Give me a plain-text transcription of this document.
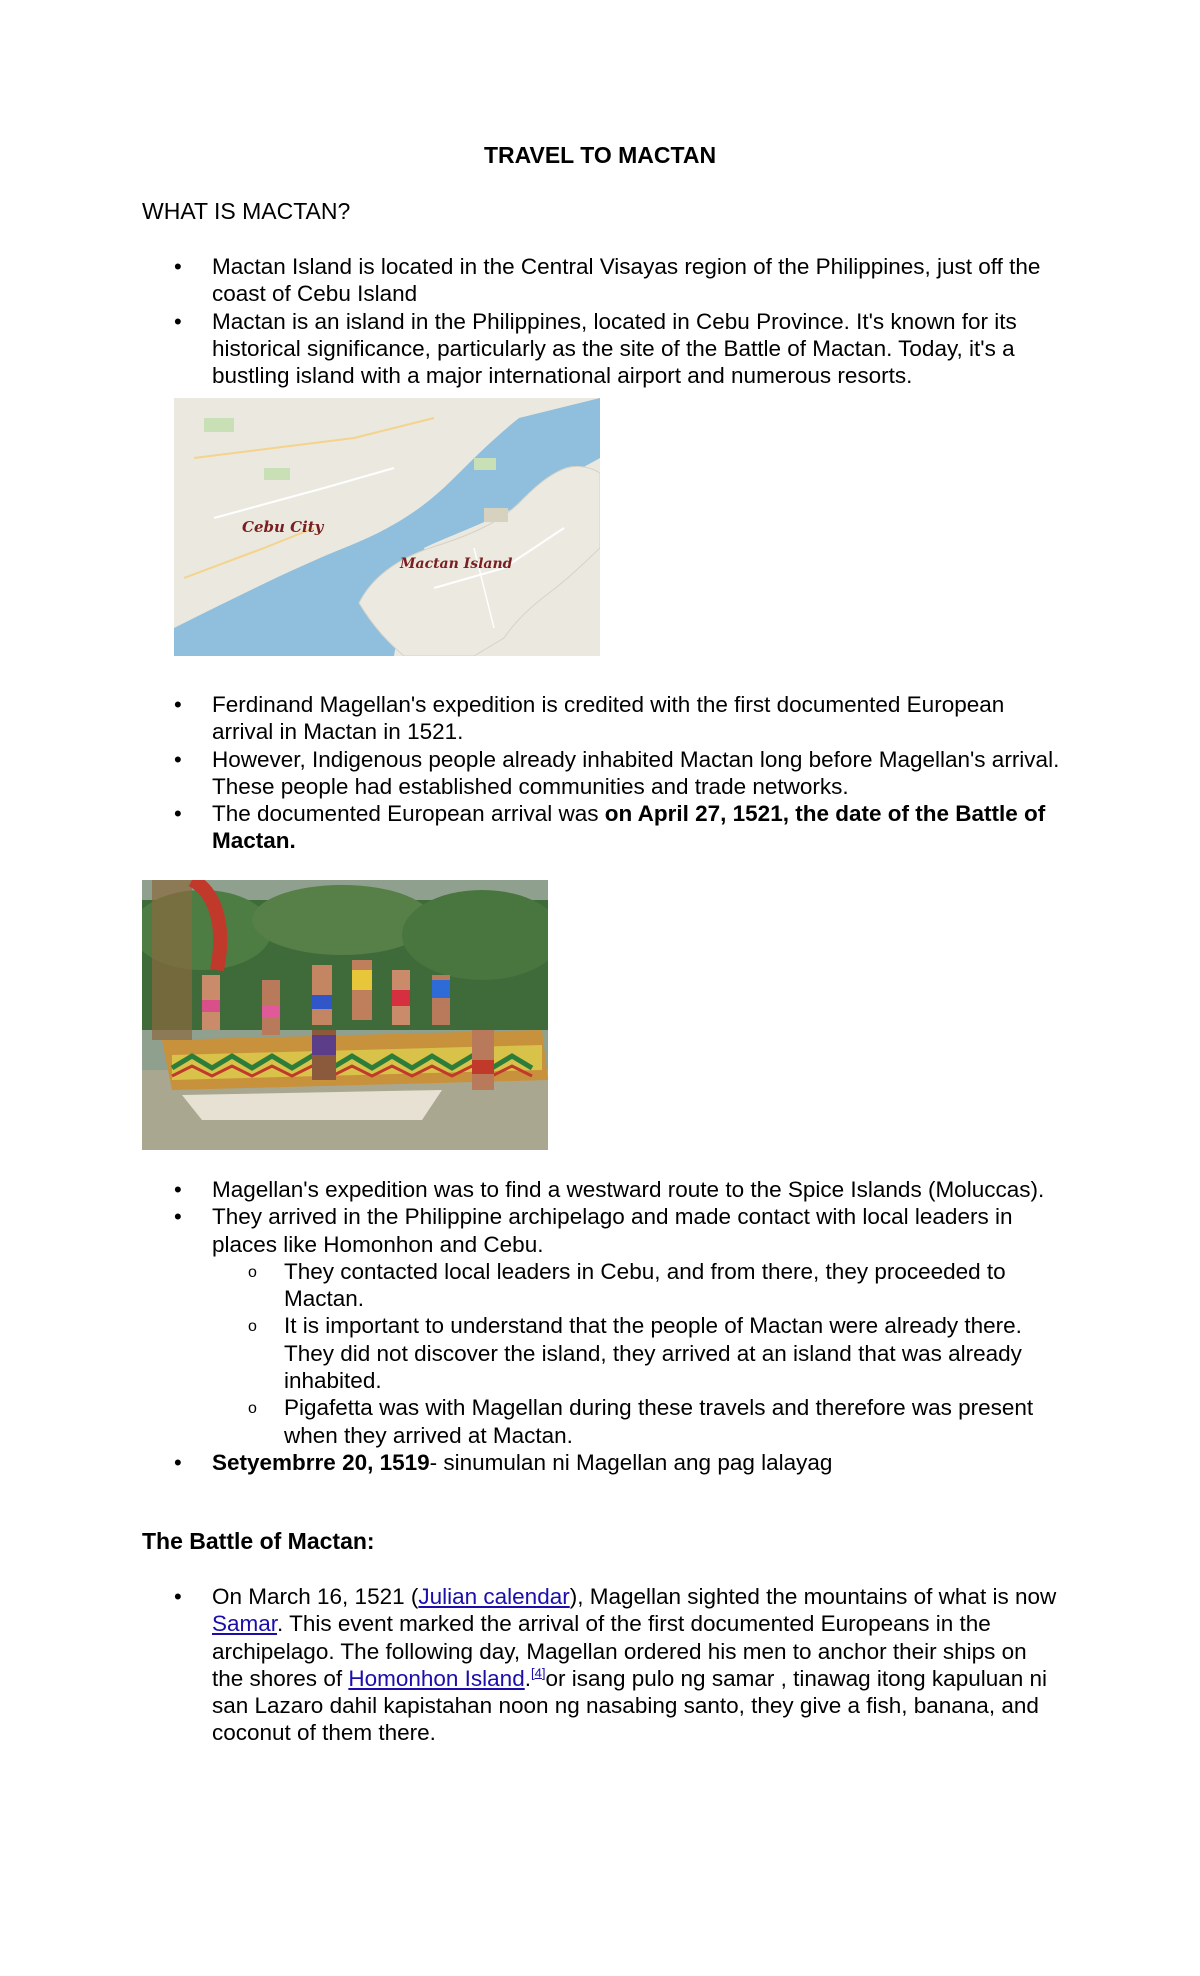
TRAVEL TO MACTAN
WHAT IS MACTAN?
• Mactan Island is located in the Central Visayas region of the Philippines, just off the coast of Cebu Island
• Mactan is an island in the Philippines, located in Cebu Province. It's known for its historical significance, particularly as the site of the Battle of Mactan. Today, it's a bustling island with a major international airport and numerous resorts.
Cebu City
Mactan Island
• Ferdinand Magellan's expedition is credited with the first documented European arrival in Mactan in 1521.
• However, Indigenous people already inhabited Mactan long before Magellan's arrival. These people had established communities and trade networks.
• The documented European arrival was on April 27, 1521, the date of the Battle of Mactan.
• Magellan's expedition was to find a westward route to the Spice Islands (Moluccas).
• They arrived in the Philippine archipelago and made contact with local leaders in places like Homonhon and Cebu.
o They contacted local leaders in Cebu, and from there, they proceeded to Mactan.
o It is important to understand that the people of Mactan were already there. They did not discover the island, they arrived at an island that was already inhabited.
o Pigafetta was with Magellan during these travels and therefore was present when they arrived at Mactan.
• Setyembrre 20, 1519- sinumulan ni Magellan ang pag lalayag
The Battle of Mactan:
• On March 16, 1521 (Julian calendar), Magellan sighted the mountains of what is now Samar. This event marked the arrival of the first documented Europeans in the archipelago. The following day, Magellan ordered his men to anchor their ships on the shores of Homonhon Island.[4]or isang pulo ng samar , tinawag itong kapuluan ni san Lazaro dahil kapistahan noon ng nasabing santo, they give a fish, banana, and coconut of them there.
